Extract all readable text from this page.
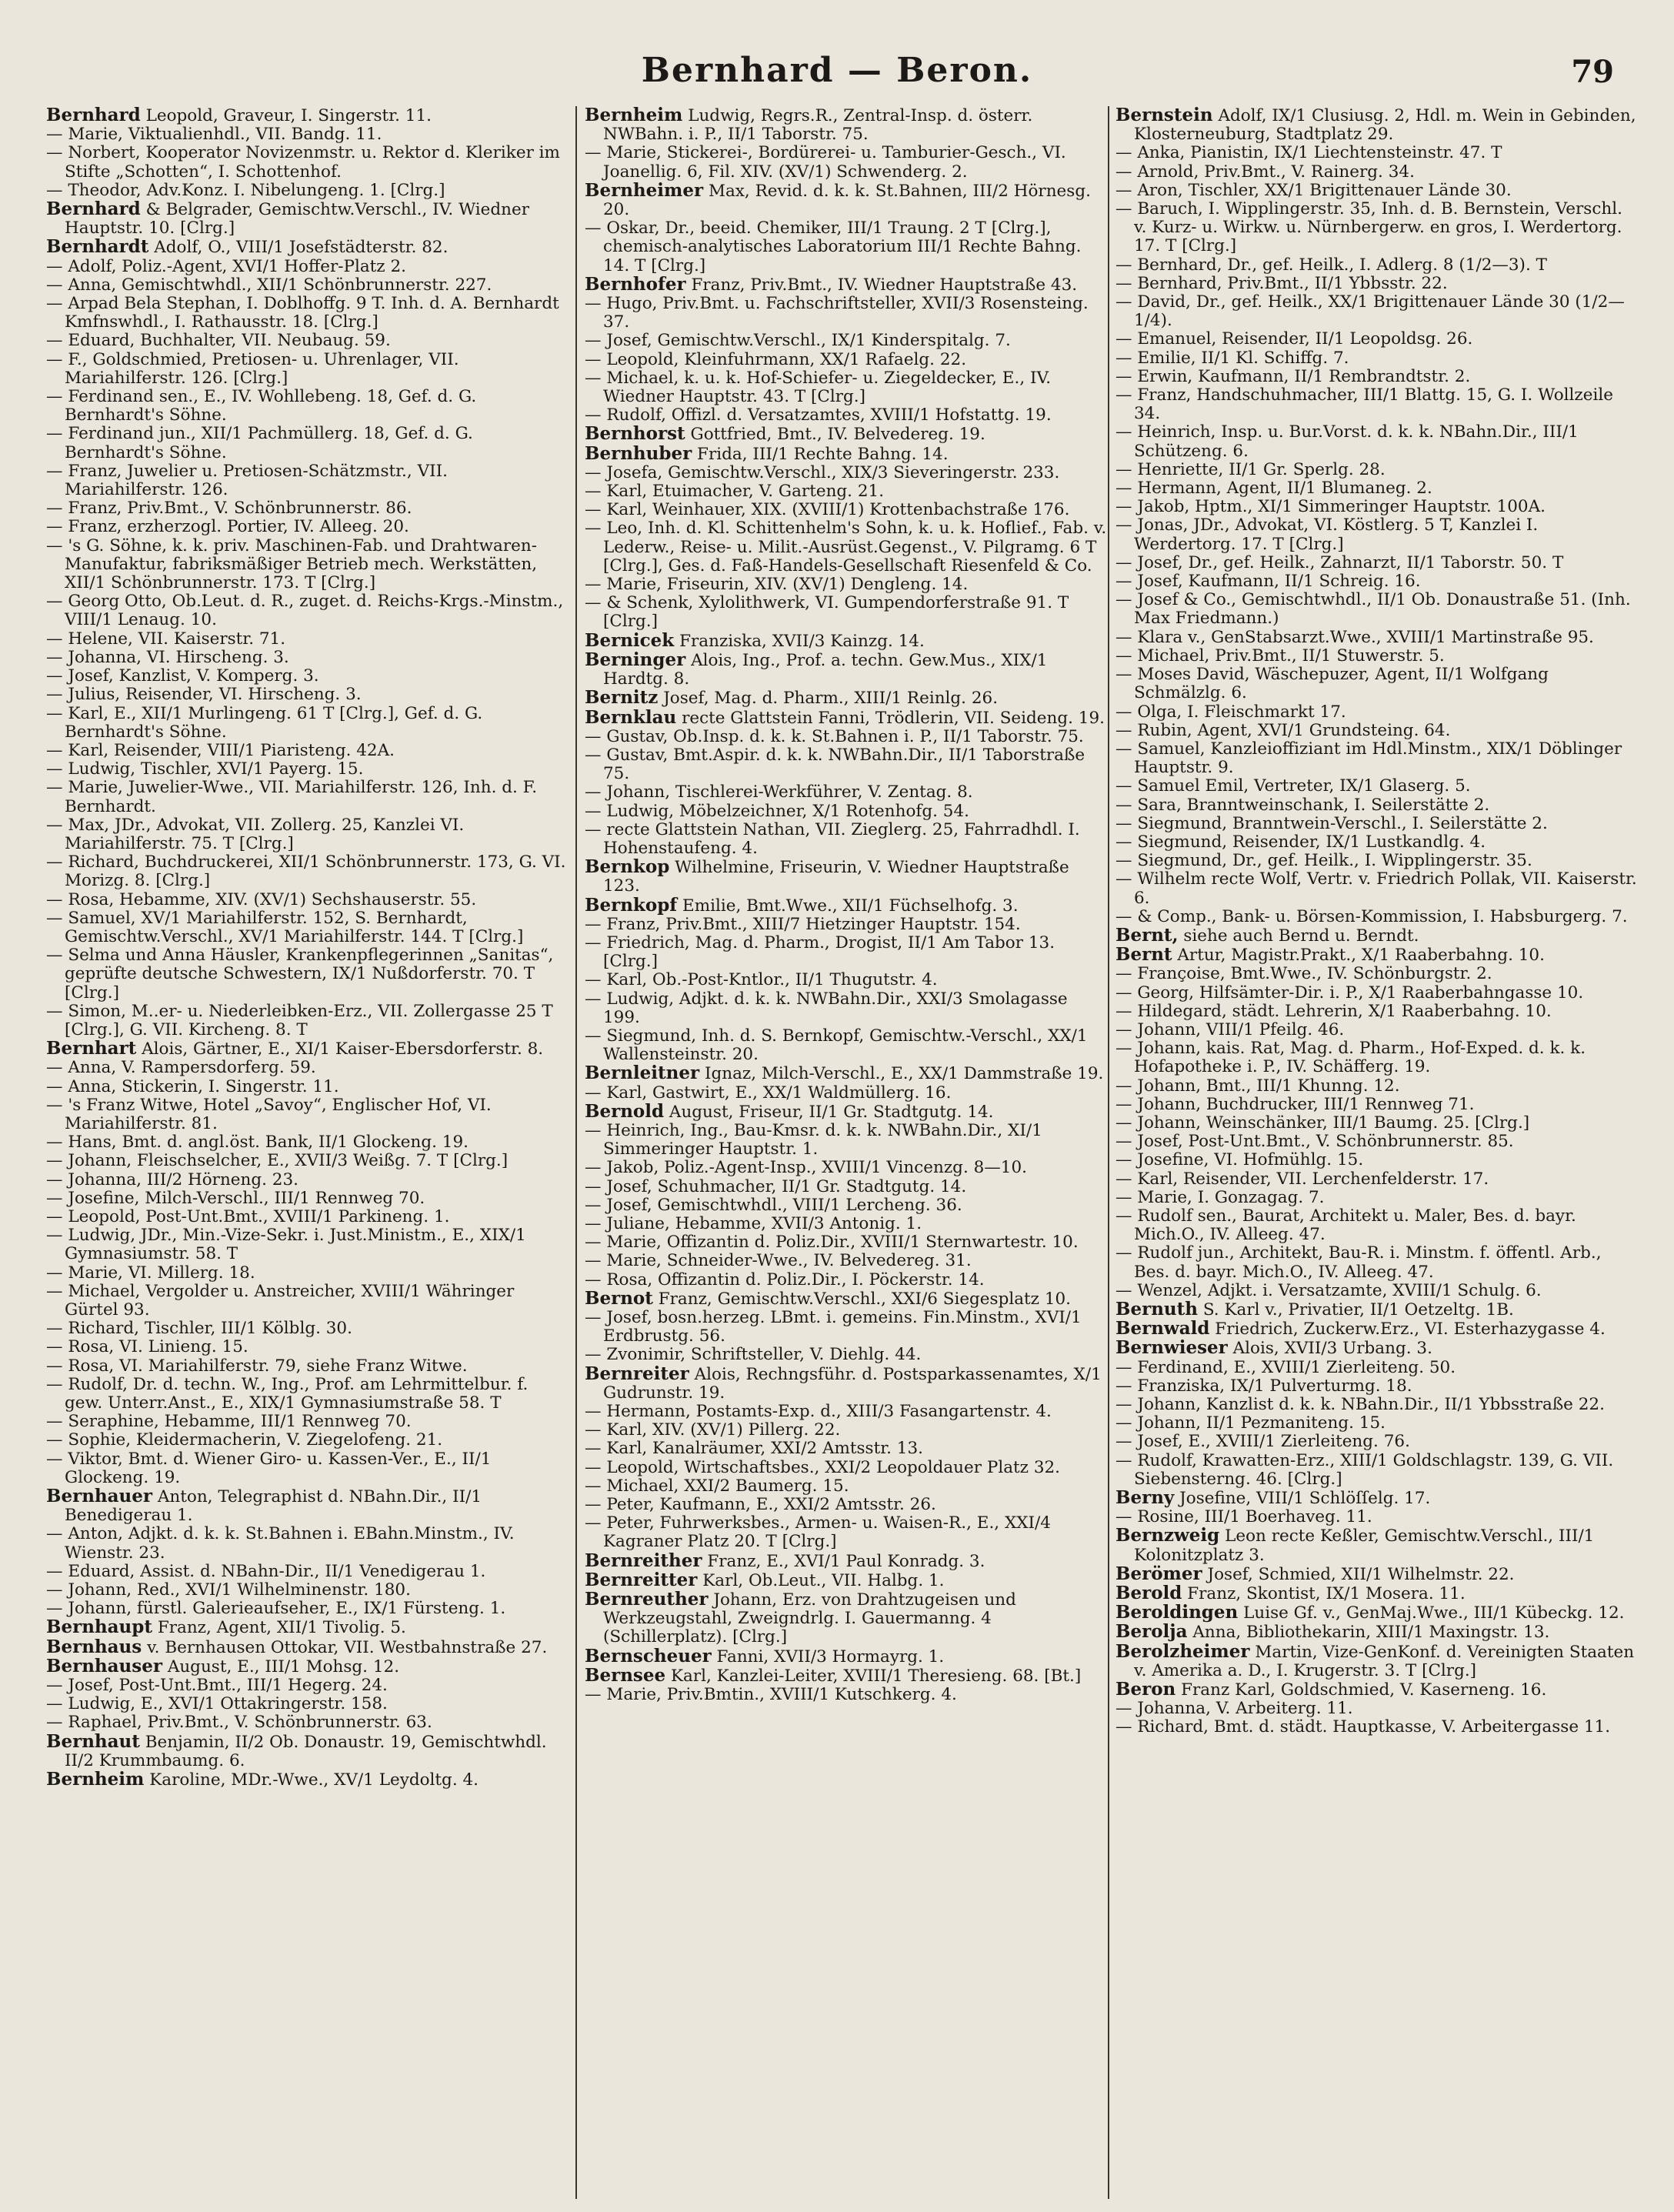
Bernhard — Beron.	79
Bernhard Leopold, Graveur, I. Singerstr. 11.
— Marie, Viktualienhdl., VII. Bandg. 11.
— Norbert, Kooperator Novizenmstr. u. Rektor d. Kleriker im Stifte „Schotten“, I. Schottenhof.
— Theodor, Adv.Konz. I. Nibelungeng. 1. [Clrg.]
Bernhard & Belgrader, Gemischtw.Verschl., IV. Wiedner Hauptstr. 10. [Clrg.]
Bernhardt Adolf, O., VIII/1 Josefstädterstr. 82.
— Adolf, Poliz.-Agent, XVI/1 Hoffer-Platz 2.
— Anna, Gemischtwhdl., XII/1 Schönbrunnerstr. 227.
— Arpad Bela Stephan, I. Doblhoffg. 9 T. Inh. d. A. Bernhardt Kmfnswhdl., I. Rathausstr. 18. [Clrg.]
— Eduard, Buchhalter, VII. Neubaug. 59.
— F., Goldschmied, Pretiosen- u. Uhrenlager, VII. Mariahilferstr. 126. [Clrg.]
— Ferdinand sen., E., IV. Wohllebeng. 18, Gef. d. G. Bernhardt's Söhne.
— Ferdinand jun., XII/1 Pachmüllerg. 18, Gef. d. G. Bernhardt's Söhne.
— Franz, Juwelier u. Pretiosen-Schätzmstr., VII. Mariahilferstr. 126.
— Franz, Priv.Bmt., V. Schönbrunnerstr. 86.
— Franz, erzherzogl. Portier, IV. Alleeg. 20.
— 's G. Söhne, k. k. priv. Maschinen-Fab. und Drahtwaren-Manufaktur, fabriksmäßiger Betrieb mech. Werkstätten, XII/1 Schönbrunnerstr. 173. T [Clrg.]
— Georg Otto, Ob.Leut. d. R., zuget. d. Reichs-Krgs.-Minstm., VIII/1 Lenaug. 10.
— Helene, VII. Kaiserstr. 71.
— Johanna, VI. Hirscheng. 3.
— Josef, Kanzlist, V. Komperg. 3.
— Julius, Reisender, VI. Hirscheng. 3.
— Karl, E., XII/1 Murlingeng. 61 T [Clrg.], Gef. d. G. Bernhardt's Söhne.
— Karl, Reisender, VIII/1 Piaristeng. 42A.
— Ludwig, Tischler, XVI/1 Payerg. 15.
— Marie, Juwelier-Wwe., VII. Mariahilferstr. 126, Inh. d. F. Bernhardt.
— Max, JDr., Advokat, VII. Zollerg. 25, Kanzlei VI. Mariahilferstr. 75. T [Clrg.]
— Richard, Buchdruckerei, XII/1 Schönbrunnerstr. 173, G. VI. Morizg. 8. [Clrg.]
— Rosa, Hebamme, XIV. (XV/1) Sechshauserstr. 55.
— Samuel, XV/1 Mariahilferstr. 152, S. Bernhardt, Gemischtw.Verschl., XV/1 Mariahilferstr. 144. T [Clrg.]
— Selma und Anna Häusler, Krankenpflegerinnen „Sanitas“, geprüfte deutsche Schwestern, IX/1 Nußdorferstr. 70. T [Clrg.]
— Simon, M..er- u. Niederleibken-Erz., VII. Zollergasse 25 T [Clrg.], G. VII. Kircheng. 8. T
Bernhart Alois, Gärtner, E., XI/1 Kaiser-Ebersdorferstr. 8.
— Anna, V. Rampersdorferg. 59.
— Anna, Stickerin, I. Singerstr. 11.
— 's Franz Witwe, Hotel „Savoy“, Englischer Hof, VI. Mariahilferstr. 81.
— Hans, Bmt. d. angl.öst. Bank, II/1 Glockeng. 19.
— Johann, Fleischselcher, E., XVII/3 Weißg. 7. T [Clrg.]
— Johanna, III/2 Hörneng. 23.
— Josefine, Milch-Verschl., III/1 Rennweg 70.
— Leopold, Post-Unt.Bmt., XVIII/1 Parkineng. 1.
— Ludwig, JDr., Min.-Vize-Sekr. i. Just.Ministm., E., XIX/1 Gymnasiumstr. 58. T
— Marie, VI. Millerg. 18.
— Michael, Vergolder u. Anstreicher, XVIII/1 Währinger Gürtel 93.
— Richard, Tischler, III/1 Kölblg. 30.
— Rosa, VI. Linieng. 15.
— Rosa, VI. Mariahilferstr. 79, siehe Franz Witwe.
— Rudolf, Dr. d. techn. W., Ing., Prof. am Lehrmittelbur. f. gew. Unterr.Anst., E., XIX/1 Gymnasiumstraße 58. T
— Seraphine, Hebamme, III/1 Rennweg 70.
— Sophie, Kleidermacherin, V. Ziegelofeng. 21.
— Viktor, Bmt. d. Wiener Giro- u. Kassen-Ver., E., II/1 Glockeng. 19.
Bernhauer Anton, Telegraphist d. NBahn.Dir., II/1 Benedigerau 1.
— Anton, Adjkt. d. k. k. St.Bahnen i. EBahn.Minstm., IV. Wienstr. 23.
— Eduard, Assist. d. NBahn-Dir., II/1 Venedigerau 1.
— Johann, Red., XVI/1 Wilhelminenstr. 180.
— Johann, fürstl. Galerieaufseher, E., IX/1 Fürsteng. 1.
Bernhaupt Franz, Agent, XII/1 Tivolig. 5.
Bernhaus v. Bernhausen Ottokar, VII. Westbahnstraße 27.
Bernhauser August, E., III/1 Mohsg. 12.
— Josef, Post-Unt.Bmt., III/1 Hegerg. 24.
— Ludwig, E., XVI/1 Ottakringerstr. 158.
— Raphael, Priv.Bmt., V. Schönbrunnerstr. 63.
Bernhaut Benjamin, II/2 Ob. Donaustr. 19, Gemischtwhdl. II/2 Krummbaumg. 6.
Bernheim Karoline, MDr.-Wwe., XV/1 Leydoltg. 4.
Bernheim Ludwig, Regrs.R., Zentral-Insp. d. österr. NWBahn. i. P., II/1 Taborstr. 75.
— Marie, Stickerei-, Bordürerei- u. Tamburier-Gesch., VI. Joanellig. 6, Fil. XIV. (XV/1) Schwenderg. 2.
Bernheimer Max, Revid. d. k. k. St.Bahnen, III/2 Hörnesg. 20.
— Oskar, Dr., beeid. Chemiker, III/1 Traung. 2 T [Clrg.], chemisch-analytisches Laboratorium III/1 Rechte Bahng. 14. T [Clrg.]
Bernhofer Franz, Priv.Bmt., IV. Wiedner Hauptstraße 43.
— Hugo, Priv.Bmt. u. Fachschriftsteller, XVII/3 Rosensteing. 37.
— Josef, Gemischtw.Verschl., IX/1 Kinderspitalg. 7.
— Leopold, Kleinfuhrmann, XX/1 Rafaelg. 22.
— Michael, k. u. k. Hof-Schiefer- u. Ziegeldecker, E., IV. Wiedner Hauptstr. 43. T [Clrg.]
— Rudolf, Offizl. d. Versatzamtes, XVIII/1 Hofstattg. 19.
Bernhorst Gottfried, Bmt., IV. Belvedereg. 19.
Bernhuber Frida, III/1 Rechte Bahng. 14.
— Josefa, Gemischtw.Verschl., XIX/3 Sieveringerstr. 233.
— Karl, Etuimacher, V. Garteng. 21.
— Karl, Weinhauer, XIX. (XVIII/1) Krottenbachstraße 176.
— Leo, Inh. d. Kl. Schittenhelm's Sohn, k. u. k. Hoflief., Fab. v. Lederw., Reise- u. Milit.-Ausrüst.Gegenst., V. Pilgramg. 6 T [Clrg.], Ges. d. Faß-Handels-Gesellschaft Riesenfeld & Co.
— Marie, Friseurin, XIV. (XV/1) Dengleng. 14.
— & Schenk, Xylolithwerk, VI. Gumpendorferstraße 91. T [Clrg.]
Bernicek Franziska, XVII/3 Kainzg. 14.
Berninger Alois, Ing., Prof. a. techn. Gew.Mus., XIX/1 Hardtg. 8.
Bernitz Josef, Mag. d. Pharm., XIII/1 Reinlg. 26.
Bernklau recte Glattstein Fanni, Trödlerin, VII. Seideng. 19.
— Gustav, Ob.Insp. d. k. k. St.Bahnen i. P., II/1 Taborstr. 75.
— Gustav, Bmt.Aspir. d. k. k. NWBahn.Dir., II/1 Taborstraße 75.
— Johann, Tischlerei-Werkführer, V. Zentag. 8.
— Ludwig, Möbelzeichner, X/1 Rotenhofg. 54.
— recte Glattstein Nathan, VII. Zieglerg. 25, Fahrradhdl. I. Hohenstaufeng. 4.
Bernkop Wilhelmine, Friseurin, V. Wiedner Hauptstraße 123.
Bernkopf Emilie, Bmt.Wwe., XII/1 Füchselhofg. 3.
— Franz, Priv.Bmt., XIII/7 Hietzinger Hauptstr. 154.
— Friedrich, Mag. d. Pharm., Drogist, II/1 Am Tabor 13. [Clrg.]
— Karl, Ob.-Post-Kntlor., II/1 Thugutstr. 4.
— Ludwig, Adjkt. d. k. k. NWBahn.Dir., XXI/3 Smolagasse 199.
— Siegmund, Inh. d. S. Bernkopf, Gemischtw.-Verschl., XX/1 Wallensteinstr. 20.
Bernleitner Ignaz, Milch-Verschl., E., XX/1 Dammstraße 19.
— Karl, Gastwirt, E., XX/1 Waldmüllerg. 16.
Bernold August, Friseur, II/1 Gr. Stadtgutg. 14.
— Heinrich, Ing., Bau-Kmsr. d. k. k. NWBahn.Dir., XI/1 Simmeringer Hauptstr. 1.
— Jakob, Poliz.-Agent-Insp., XVIII/1 Vincenzg. 8—10.
— Josef, Schuhmacher, II/1 Gr. Stadtgutg. 14.
— Josef, Gemischtwhdl., VIII/1 Lercheng. 36.
— Juliane, Hebamme, XVII/3 Antonig. 1.
— Marie, Offizantin d. Poliz.Dir., XVIII/1 Sternwartestr. 10.
— Marie, Schneider-Wwe., IV. Belvedereg. 31.
— Rosa, Offizantin d. Poliz.Dir., I. Pöckerstr. 14.
Bernot Franz, Gemischtw.Verschl., XXI/6 Siegesplatz 10.
— Josef, bosn.herzeg. LBmt. i. gemeins. Fin.Minstm., XVI/1 Erdbrustg. 56.
— Zvonimir, Schriftsteller, V. Diehlg. 44.
Bernreiter Alois, Rechngsführ. d. Postsparkassenamtes, X/1 Gudrunstr. 19.
— Hermann, Postamts-Exp. d., XIII/3 Fasangartenstr. 4.
— Karl, XIV. (XV/1) Pillerg. 22.
— Karl, Kanalräumer, XXI/2 Amtsstr. 13.
— Leopold, Wirtschaftsbes., XXI/2 Leopoldauer Platz 32.
— Michael, XXI/2 Baumerg. 15.
— Peter, Kaufmann, E., XXI/2 Amtsstr. 26.
— Peter, Fuhrwerksbes., Armen- u. Waisen-R., E., XXI/4 Kagraner Platz 20. T [Clrg.]
Bernreither Franz, E., XVI/1 Paul Konradg. 3.
Bernreitter Karl, Ob.Leut., VII. Halbg. 1.
Bernreuther Johann, Erz. von Drahtzugeisen und Werkzeugstahl, Zweigndrlg. I. Gauermanng. 4 (Schillerplatz). [Clrg.]
Bernscheuer Fanni, XVII/3 Hormayrg. 1.
Bernsee Karl, Kanzlei-Leiter, XVIII/1 Theresieng. 68. [Bt.]
— Marie, Priv.Bmtin., XVIII/1 Kutschkerg. 4.
Bernstein Adolf, IX/1 Clusiusg. 2, Hdl. m. Wein in Gebinden, Klosterneuburg, Stadtplatz 29.
— Anka, Pianistin, IX/1 Liechtensteinstr. 47. T
— Arnold, Priv.Bmt., V. Rainerg. 34.
— Aron, Tischler, XX/1 Brigittenauer Lände 30.
— Baruch, I. Wipplingerstr. 35, Inh. d. B. Bernstein, Verschl. v. Kurz- u. Wirkw. u. Nürnbergerw. en gros, I. Werdertorg. 17. T [Clrg.]
— Bernhard, Dr., gef. Heilk., I. Adlerg. 8 (1/2—3). T
— Bernhard, Priv.Bmt., II/1 Ybbsstr. 22.
— David, Dr., gef. Heilk., XX/1 Brigittenauer Lände 30 (1/2—1/4).
— Emanuel, Reisender, II/1 Leopoldsg. 26.
— Emilie, II/1 Kl. Schiffg. 7.
— Erwin, Kaufmann, II/1 Rembrandtstr. 2.
— Franz, Handschuhmacher, III/1 Blattg. 15, G. I. Wollzeile 34.
— Heinrich, Insp. u. Bur.Vorst. d. k. k. NBahn.Dir., III/1 Schützeng. 6.
— Henriette, II/1 Gr. Sperlg. 28.
— Hermann, Agent, II/1 Blumaneg. 2.
— Jakob, Hptm., XI/1 Simmeringer Hauptstr. 100A.
— Jonas, JDr., Advokat, VI. Köstlerg. 5 T, Kanzlei I. Werdertorg. 17. T [Clrg.]
— Josef, Dr., gef. Heilk., Zahnarzt, II/1 Taborstr. 50. T
— Josef, Kaufmann, II/1 Schreig. 16.
— Josef & Co., Gemischtwhdl., II/1 Ob. Donaustraße 51. (Inh. Max Friedmann.)
— Klara v., GenStabsarzt.Wwe., XVIII/1 Martinstraße 95.
— Michael, Priv.Bmt., II/1 Stuwerstr. 5.
— Moses David, Wäschepuzer, Agent, II/1 Wolfgang Schmälzlg. 6.
— Olga, I. Fleischmarkt 17.
— Rubin, Agent, XVI/1 Grundsteing. 64.
— Samuel, Kanzleioffiziant im Hdl.Minstm., XIX/1 Döblinger Hauptstr. 9.
— Samuel Emil, Vertreter, IX/1 Glaserg. 5.
— Sara, Branntweinschank, I. Seilerstätte 2.
— Siegmund, Branntwein-Verschl., I. Seilerstätte 2.
— Siegmund, Reisender, IX/1 Lustkandlg. 4.
— Siegmund, Dr., gef. Heilk., I. Wipplingerstr. 35.
— Wilhelm recte Wolf, Vertr. v. Friedrich Pollak, VII. Kaiserstr. 6.
— & Comp., Bank- u. Börsen-Kommission, I. Habsburgerg. 7.
Bernt, siehe auch Bernd u. Berndt.
Bernt Artur, Magistr.Prakt., X/1 Raaberbahng. 10.
— Françoise, Bmt.Wwe., IV. Schönburgstr. 2.
— Georg, Hilfsämter-Dir. i. P., X/1 Raaberbahngasse 10.
— Hildegard, städt. Lehrerin, X/1 Raaberbahng. 10.
— Johann, VIII/1 Pfeilg. 46.
— Johann, kais. Rat, Mag. d. Pharm., Hof-Exped. d. k. k. Hofapotheke i. P., IV. Schäfferg. 19.
— Johann, Bmt., III/1 Khunng. 12.
— Johann, Buchdrucker, III/1 Rennweg 71.
— Johann, Weinschänker, III/1 Baumg. 25. [Clrg.]
— Josef, Post-Unt.Bmt., V. Schönbrunnerstr. 85.
— Josefine, VI. Hofmühlg. 15.
— Karl, Reisender, VII. Lerchenfelderstr. 17.
— Marie, I. Gonzagag. 7.
— Rudolf sen., Baurat, Architekt u. Maler, Bes. d. bayr. Mich.O., IV. Alleeg. 47.
— Rudolf jun., Architekt, Bau-R. i. Minstm. f. öffentl. Arb., Bes. d. bayr. Mich.O., IV. Alleeg. 47.
— Wenzel, Adjkt. i. Versatzamte, XVIII/1 Schulg. 6.
Bernuth S. Karl v., Privatier, II/1 Oetzeltg. 1B.
Bernwald Friedrich, Zuckerw.Erz., VI. Esterhazygasse 4.
Bernwieser Alois, XVII/3 Urbang. 3.
— Ferdinand, E., XVIII/1 Zierleiteng. 50.
— Franziska, IX/1 Pulverturmg. 18.
— Johann, Kanzlist d. k. k. NBahn.Dir., II/1 Ybbsstraße 22.
— Johann, II/1 Pezmaniteng. 15.
— Josef, E., XVIII/1 Zierleiteng. 76.
— Rudolf, Krawatten-Erz., XIII/1 Goldschlagstr. 139, G. VII. Siebensterng. 46. [Clrg.]
Berny Josefine, VIII/1 Schlöſſelg. 17.
— Rosine, III/1 Boerhaveg. 11.
Bernzweig Leon recte Keßler, Gemischtw.Verschl., III/1 Kolonitzplatz 3.
Berömer Josef, Schmied, XII/1 Wilhelmstr. 22.
Berold Franz, Skontist, IX/1 Mosera. 11.
Beroldingen Luise Gf. v., GenMaj.Wwe., III/1 Kübeckg. 12.
Berolja Anna, Bibliothekarin, XIII/1 Maxingstr. 13.
Berolzheimer Martin, Vize-GenKonf. d. Vereinigten Staaten v. Amerika a. D., I. Krugerstr. 3. T [Clrg.]
Beron Franz Karl, Goldschmied, V. Kaserneng. 16.
— Johanna, V. Arbeiterg. 11.
— Richard, Bmt. d. städt. Hauptkasse, V. Arbeitergasse 11.
